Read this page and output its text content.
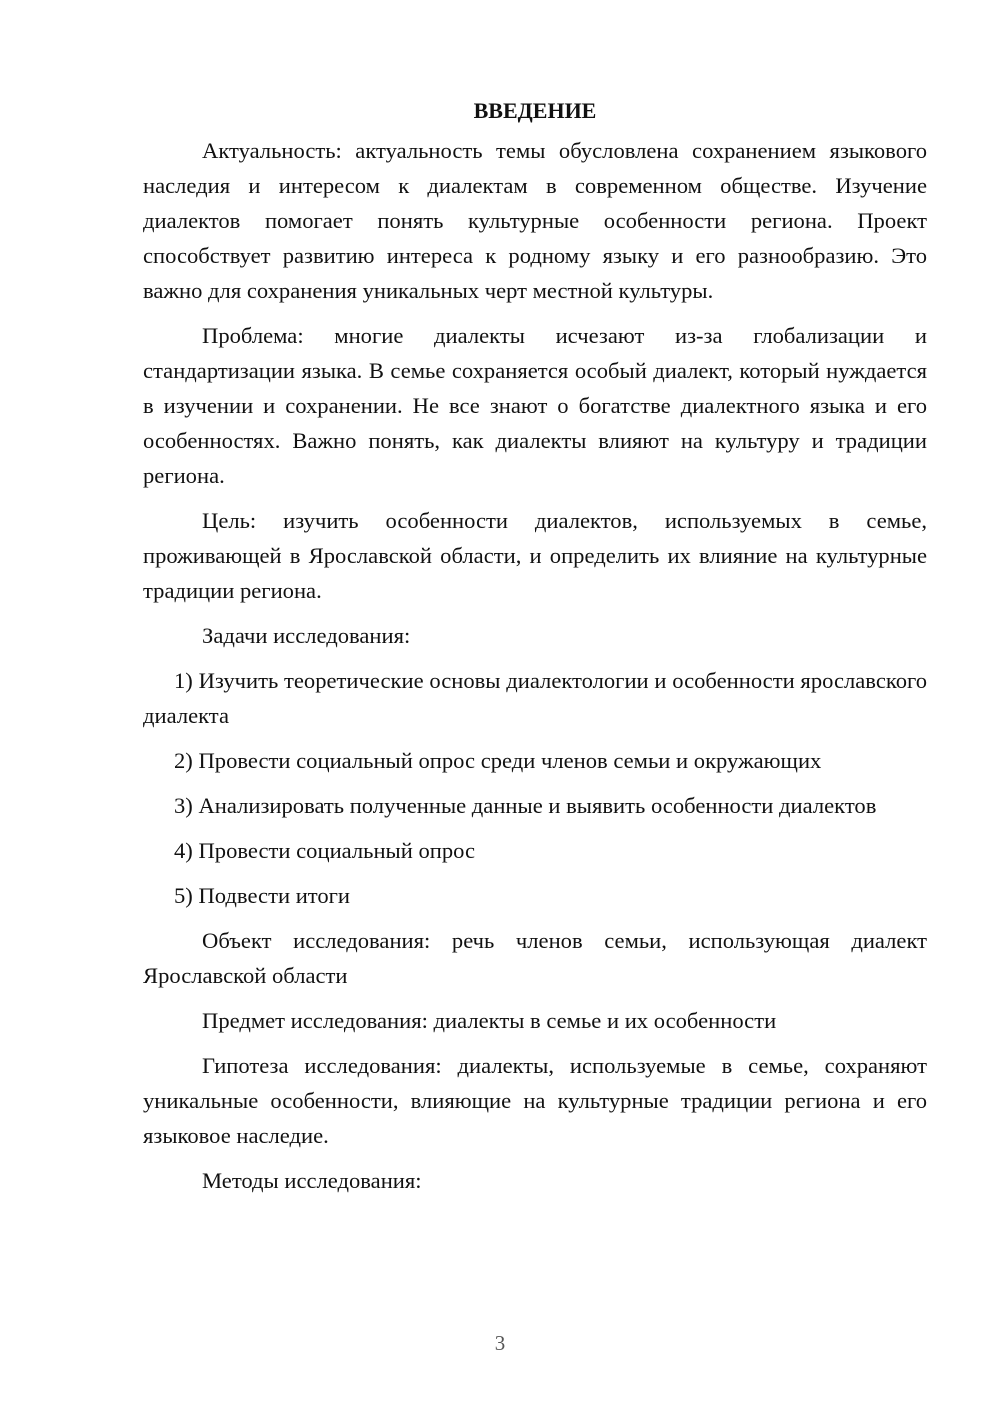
ВВЕДЕНИЕ

Актуальность: актуальность темы обусловлена сохранением языкового наследия и интересом к диалектам в современном обществе. Изучение диалектов помогает понять культурные особенности региона. Проект способствует развитию интереса к родному языку и его разнообразию. Это важно для сохранения уникальных черт местной культуры.

Проблема: многие диалекты исчезают из-за глобализации и стандартизации языка. В семье сохраняется особый диалект, который нуждается в изучении и сохранении. Не все знают о богатстве диалектного языка и его особенностях. Важно понять, как диалекты влияют на культуру и традиции региона.

Цель: изучить особенности диалектов, используемых в семье, проживающей в Ярославской области, и определить их влияние на культурные традиции региона.

Задачи исследования:

1) Изучить теоретические основы диалектологии и особенности ярославского диалекта

2) Провести социальный опрос среди членов семьи и окружающих

3) Анализировать полученные данные и выявить особенности диалектов

4) Провести социальный опрос

5) Подвести итоги

Объект исследования: речь членов семьи, использующая диалект Ярославской области

Предмет исследования: диалекты в семье и их особенности

Гипотеза исследования: диалекты, используемые в семье, сохраняют уникальные особенности, влияющие на культурные традиции региона и его языковое наследие.

Методы исследования:

3
